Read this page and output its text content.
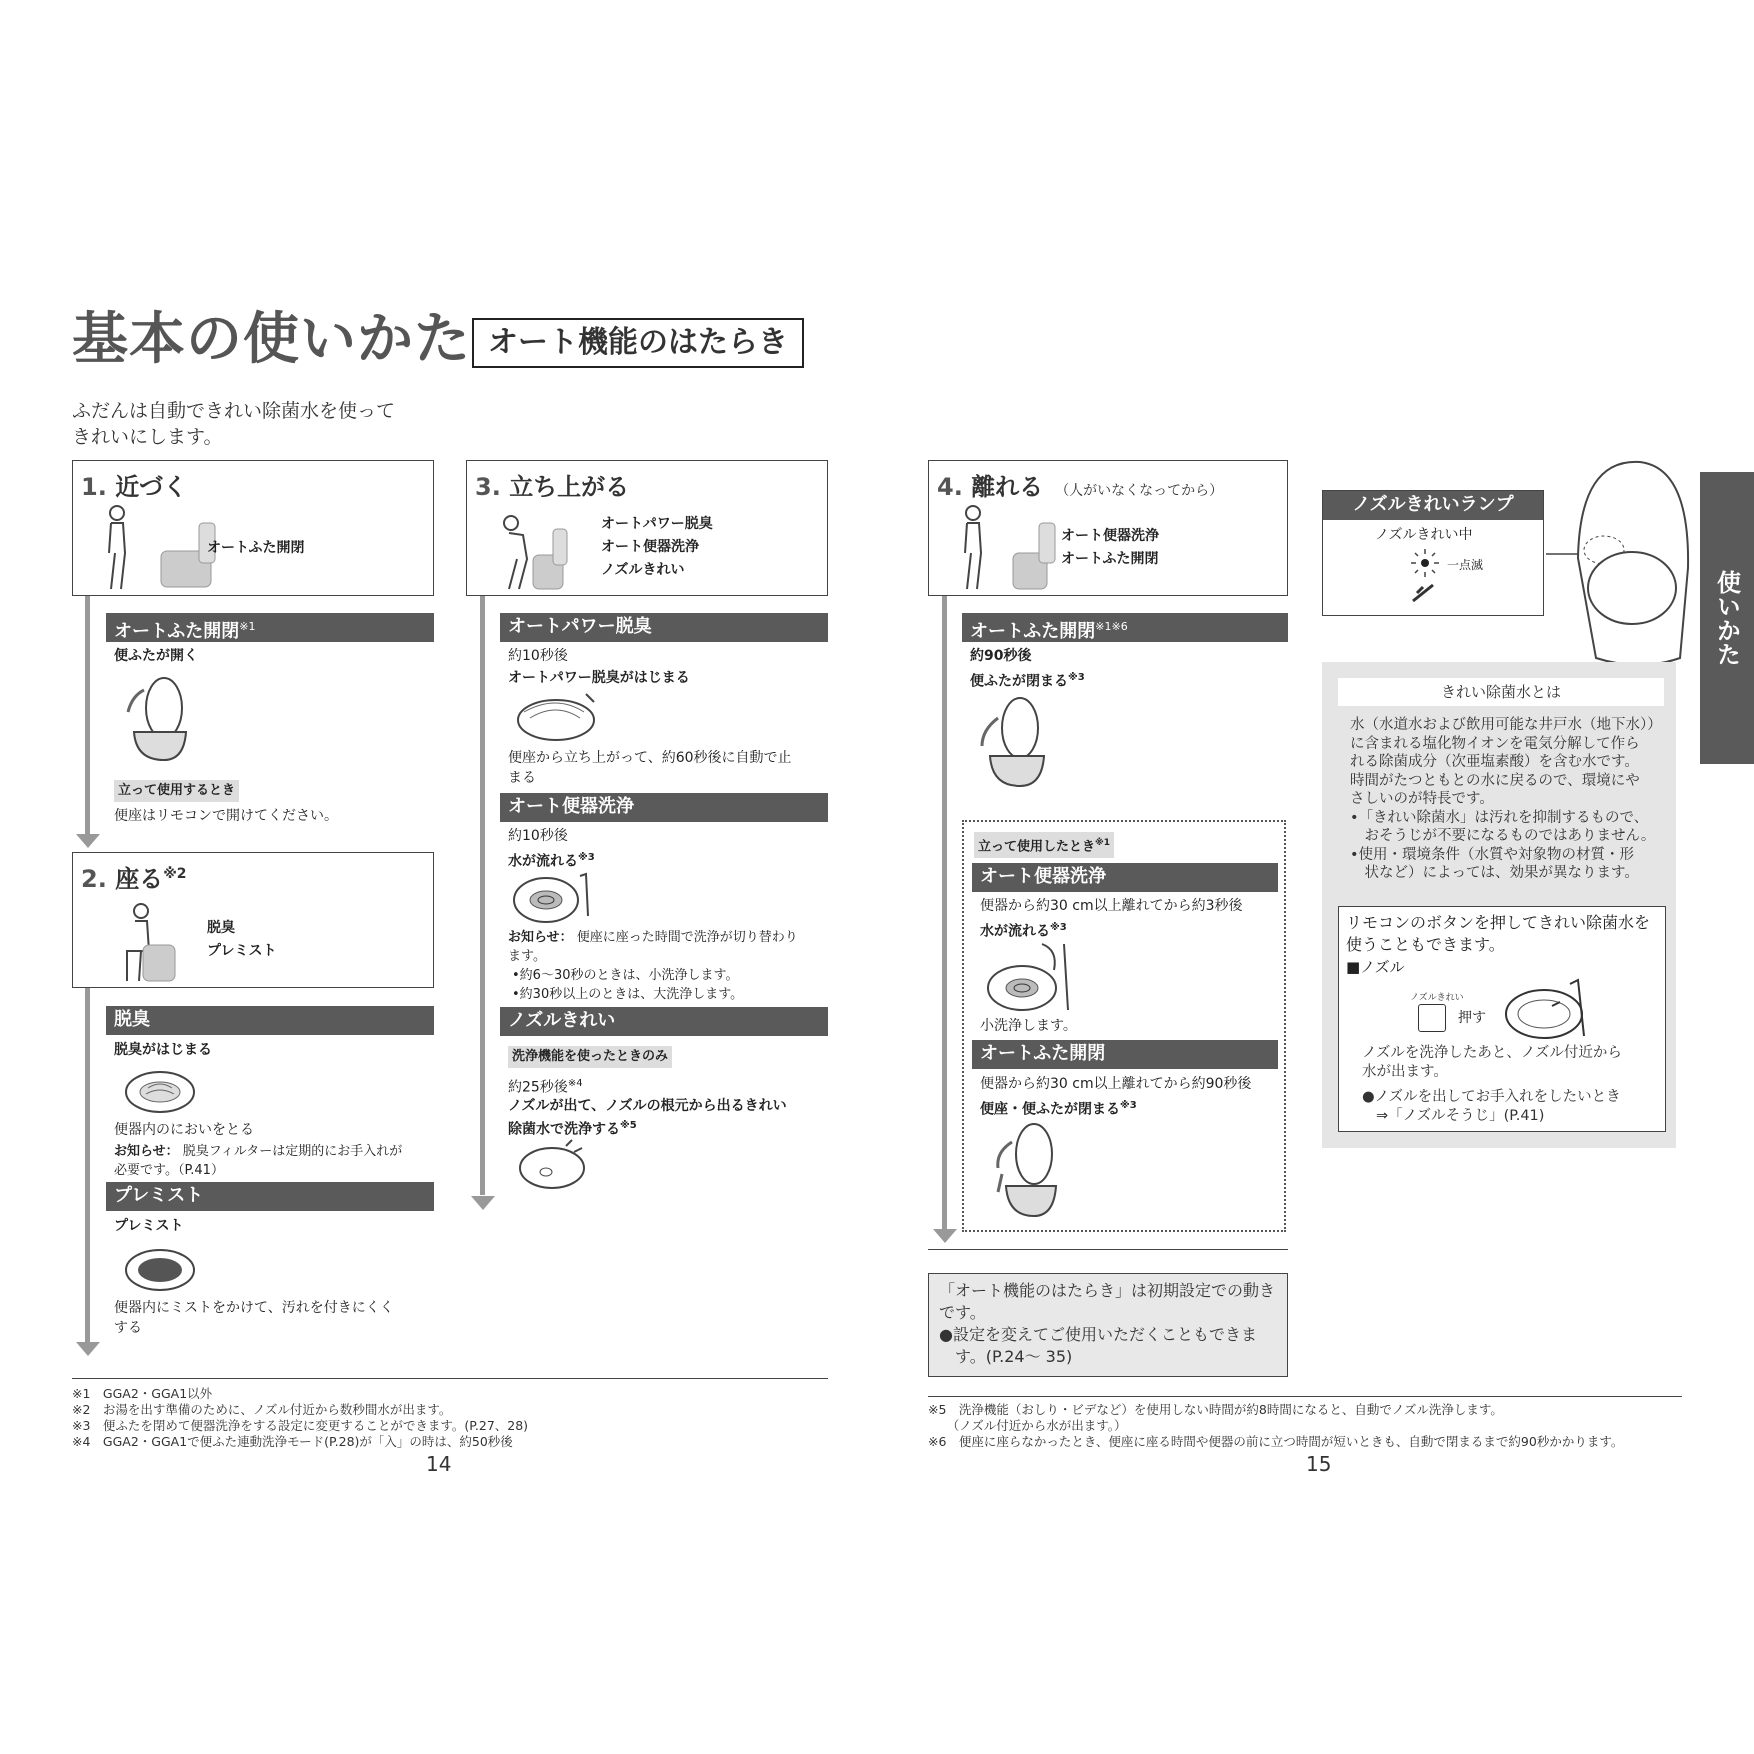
基本の使いかた オート機能のはたらき
ふだんは自動できれい除菌水を使って
きれいにします。
1. 近づく
オートふた開閉
オートふた開閉$^{※1}$
便ふたが開く
立って使用するとき
便座はリモコンで開けてください。
2. 座る$^{※2}$
脱臭
プレミスト
脱臭
脱臭がはじまる
便器内のにおいをとる
お知らせ： 脱臭フィルターは定期的にお手入れが
必要です。（P.41）
プレミスト
プレミスト
便器内にミストをかけて、汚れを付きにくく
する
3. 立ち上がる
オートパワー脱臭
オート便器洗浄
ノズルきれい
オートパワー脱臭
約10秒後
オートパワー脱臭がはじまる
便座から立ち上がって、約60秒後に自動で止
まる
オート便器洗浄
約10秒後
水が流れる$^{※3}$
お知らせ： 便座に座った時間で洗浄が切り替わり
ます。
•約6〜30秒のときは、小洗浄します。
•約30秒以上のときは、大洗浄します。
ノズルきれい
洗浄機能を使ったときのみ
約25秒後$^{※4}$
ノズルが出て、ノズルの根元から出るきれい
除菌水で洗浄する$^{※5}$
4. 離れる （人がいなくなってから）
オート便器洗浄
オートふた開閉
オートふた開閉$^{※1※6}$
約90秒後
便ふたが閉まる$^{※3}$
立って使用したとき$^{※1}$
オート便器洗浄
便器から約30 cm以上離れてから約3秒後
水が流れる$^{※3}$
小洗浄します。
オートふた開閉
便器から約30 cm以上離れてから約90秒後
便座・便ふたが閉まる$^{※3}$
「オート機能のはたらき」は初期設定での動き
です。
●設定を変えてご使用いただくこともできま
す。(P.24〜 35)
ノズルきれいランプ
ノズルきれい中
一点滅
きれい除菌水とは
水（水道水および飲用可能な井戸水（地下水））
に含まれる塩化物イオンを電気分解して作ら
れる除菌成分（次亜塩素酸）を含む水です。
時間がたつともとの水に戻るので、環境にや
さしいのが特長です。
•「きれい除菌水」は汚れを抑制するもので、
　おそうじが不要になるものではありません。
•使用・環境条件（水質や対象物の材質・形
　状など）によっては、効果が異なります。
リモコンのボタンを押してきれい除菌水を
使うこともできます。
■ノズル
ノズルきれい
押す
ノズルを洗浄したあと、ノズル付近から
水が出ます。
●ノズルを出してお手入れをしたいとき
⇒「ノズルそうじ」(P.41)
使いかた
※1　GGA2・GGA1以外
※2　お湯を出す準備のために、ノズル付近から数秒間水が出ます。
※3　便ふたを閉めて便器洗浄をする設定に変更することができます。(P.27、28)
※4　GGA2・GGA1で便ふた連動洗浄モード(P.28)が「入」の時は、約50秒後
14
※5　洗浄機能（おしり・ビデなど）を使用しない時間が約8時間になると、自動でノズル洗浄します。
　　（ノズル付近から水が出ます。）
※6　便座に座らなかったとき、便座に座る時間や便器の前に立つ時間が短いときも、自動で閉まるまで約90秒かかります。
15
